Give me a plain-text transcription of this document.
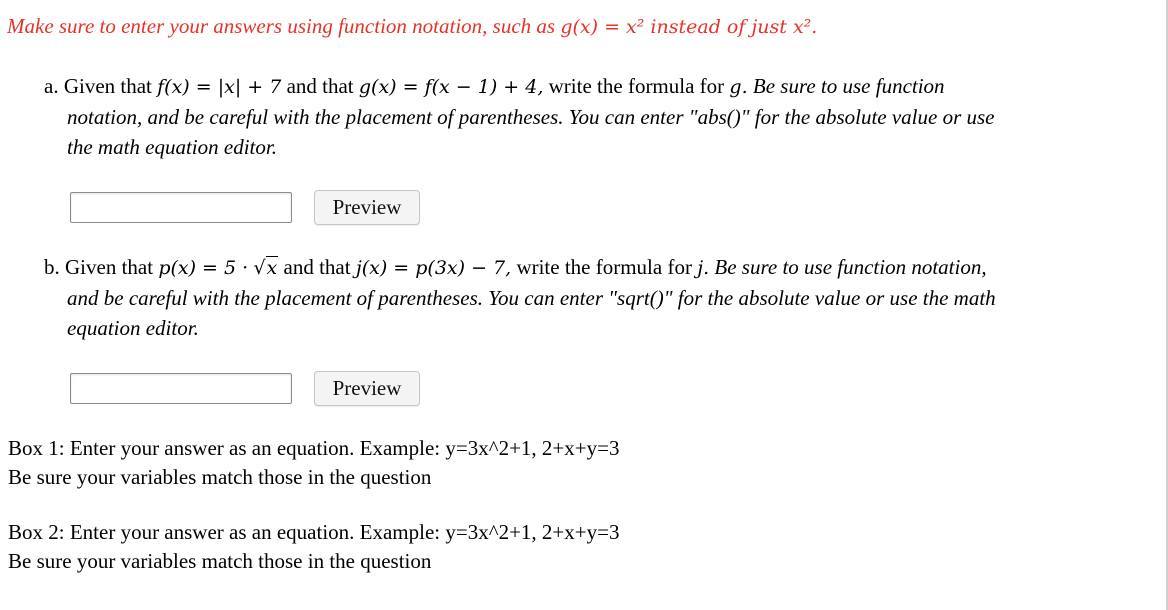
Make sure to enter your answers using function notation, such as g(x) = x² instead of just x².
a. Given that f(x) = |x| + 7 and that g(x) = f(x − 1) + 4, write the formula for g. Be sure to use function
notation, and be careful with the placement of parentheses. You can enter "abs()" for the absolute value or use
the math equation editor.
Preview
b. Given that p(x) = 5 · √x and that j(x) = p(3x) − 7, write the formula for j. Be sure to use function notation,
and be careful with the placement of parentheses. You can enter "sqrt()" for the absolute value or use the math
equation editor.
Preview
Box 1: Enter your answer as an equation. Example: y=3x^2+1, 2+x+y=3
Be sure your variables match those in the question
Box 2: Enter your answer as an equation. Example: y=3x^2+1, 2+x+y=3
Be sure your variables match those in the question
